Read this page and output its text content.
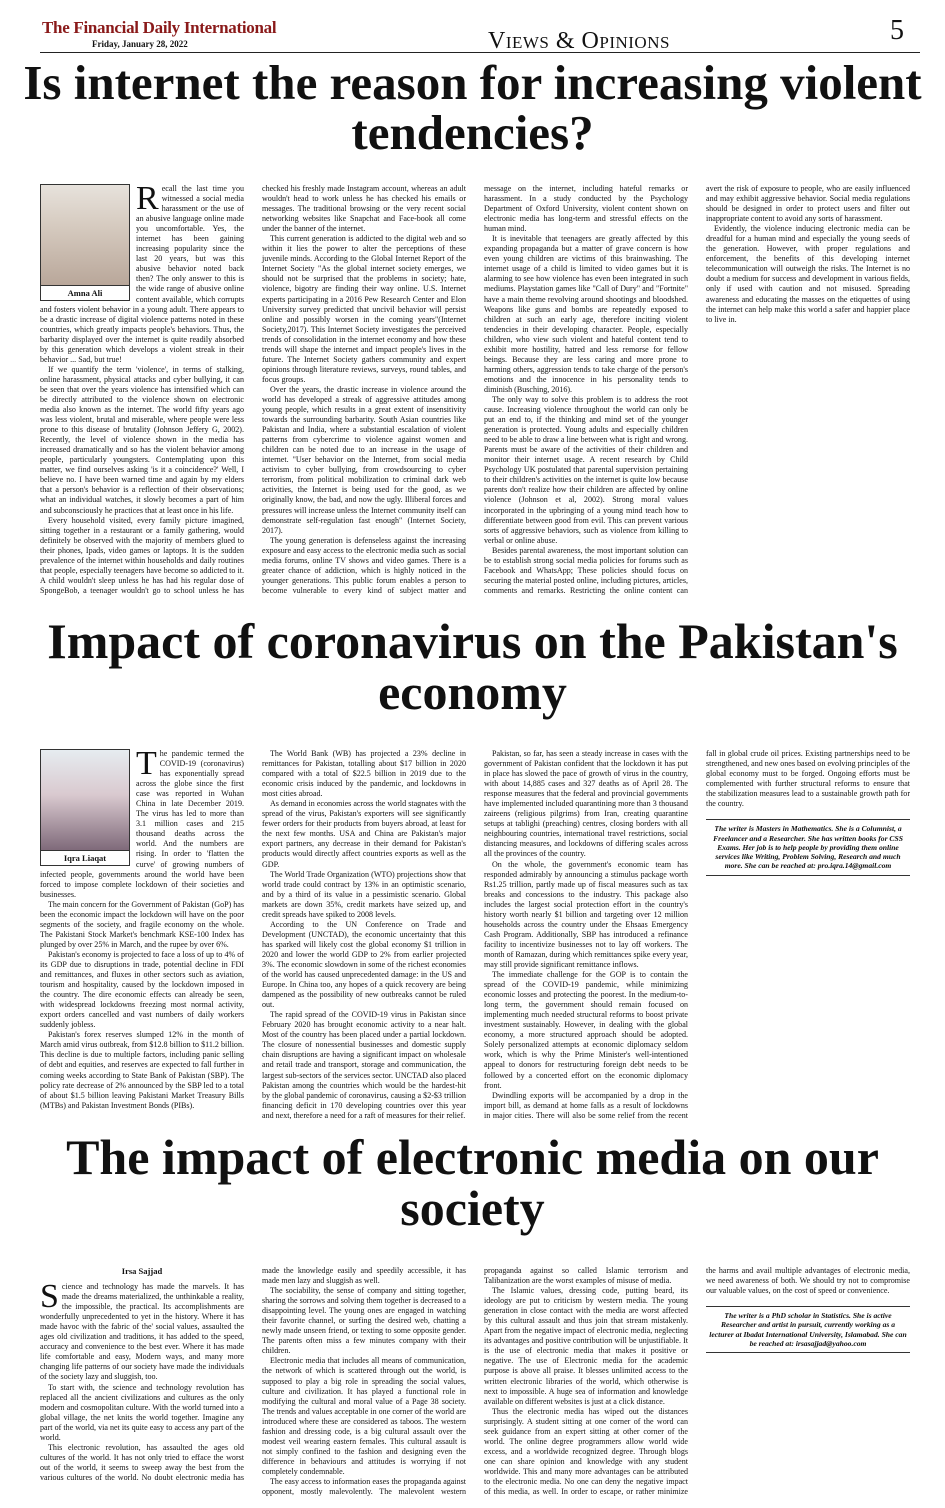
The Financial Daily International
Friday, January 28, 2022	Views & Opinions	5
Is internet the reason for increasing violent tendencies?
Amna Ali

Recall the last time you witnessed a social media harassment or the use of an abusive language online made you uncomfortable. Yes, the internet has been gaining increasing popularity since the last 20 years, but was this abusive behavior noted back then? The only answer to this is the wide range of abusive online content available, which corrupts and fosters violent behavior in a young adult. There appears to be a drastic increase of digital violence patterns noted in these countries, which greatly impacts people's behaviors. Thus, the barbarity displayed over the internet is quite readily absorbed by this generation which develops a violent streak in their behavior ... Sad, but true!

If we quantify the term 'violence', in terms of stalking, online harassment, physical attacks and cyber bullying, it can be seen that over the years violence has intensified which can be directly attributed to the violence shown on electronic media also known as the internet. The world fifty years ago was less violent, brutal and miserable, where people were less prone to this disease of brutality (Johnson Jeffery G, 2002). Recently, the level of violence shown in the media has increased dramatically and so has the violent behavior among people, particularly youngsters. Contemplating upon this matter, we find ourselves asking 'is it a coincidence?' Well, I believe no. I have been warned time and again by my elders that a person's behavior is a reflection of their observations; what an individual watches, it slowly becomes a part of him and subconsciously he practices that at least once in his life.

Every household visited, every family picture imagined, sitting together in a restaurant or a family gathering, would definitely be observed with the majority of members glued to their phones, Ipads, video games or laptops. It is the sudden prevalence of the internet within households and daily routines that people, especially teenagers have become so addicted to it. A child wouldn't sleep unless he has had his regular dose of SpongeBob, a teenager wouldn't go to school unless he has checked his freshly made Instagram account, whereas an adult wouldn't head to work unless he has checked his emails or messages. The traditional browsing or the very recent social networking websites like Snapchat and Face-book all come under the banner of the internet.

This current generation is addicted to the digital web and so within it lies the power to alter the perceptions of these juvenile minds. According to the Global Internet Report of the Internet Society "As the global internet society emerges, we should not be surprised that the problems in society; hate, violence, bigotry are finding their way online. U.S. Internet experts participating in a 2016 Pew Research Center and Elon University survey predicted that uncivil behavior will persist online and possibly worsen in the coming years"(Internet Society,2017). This Internet Society investigates the perceived trends of consolidation in the internet economy and how these trends will shape the internet and impact people's lives in the future. The Internet Society gathers community and expert opinions through literature reviews, surveys, round tables, and focus groups.

Over the years, the drastic increase in violence around the world has developed a streak of aggressive attitudes among young people, which results in a great extent of insensitivity towards the surrounding barbarity. South Asian countries like Pakistan and India, where a substantial escalation of violent patterns from cybercrime to violence against women and children can be noted due to an increase in the usage of internet. "User behavior on the Internet, from social media activism to cyber bullying, from crowdsourcing to cyber terrorism, from political mobilization to criminal dark web activities, the Internet is being used for the good, as we originally know, the bad, and now the ugly. Illiberal forces and pressures will increase unless the Internet community itself can demonstrate self-regulation fast enough" (Internet Society, 2017).

The young generation is defenseless against the increasing exposure and easy access to the electronic media such as social media forums, online TV shows and video games. There is a greater chance of addiction, which is highly noticed in the younger generations. This public forum enables a person to become vulnerable to every kind of subject matter and message on the internet, including hateful remarks or harassment. In a study conducted by the Psychology Department of Oxford University, violent content shown on electronic media has long-term and stressful effects on the human mind.

It is inevitable that teenagers are greatly affected by this expanding propaganda but a matter of grave concern is how even young children are victims of this brainwashing. The internet usage of a child is limited to video games but it is alarming to see how violence has even been integrated in such mediums. Playstation games like "Call of Dury" and "Fortnite" have a main theme revolving around shootings and bloodshed. Weapons like guns and bombs are repeatedly exposed to children at such an early age, therefore inciting violent tendencies in their developing character. People, especially children, who view such violent and hateful content tend to exhibit more hostility, hatred and less remorse for fellow beings. Because they are less caring and more prone to harming others, aggression tends to take charge of the person's emotions and the innocence in his personality tends to diminish (Busching, 2016).

The only way to solve this problem is to address the root cause. Increasing violence throughout the world can only be put an end to, if the thinking and mind set of the younger generation is protected. Young adults and especially children need to be able to draw a line between what is right and wrong. Parents must be aware of the activities of their children and monitor their internet usage. A recent research by Child Psychology UK postulated that parental supervision pertaining to their children's activities on the internet is quite low because parents don't realize how their children are affected by online violence (Johnson et al, 2002). Strong moral values incorporated in the upbringing of a young mind teach how to differentiate between good from evil. This can prevent various sorts of aggressive behaviors, such as violence from killing to verbal or online abuse.

Besides parental awareness, the most important solution can be to establish strong social media policies for forums such as Facebook and WhatsApp; These policies should focus on securing the material posted online, including pictures, articles, comments and remarks. Restricting the online content can avert the risk of exposure to people, who are easily influenced and may exhibit aggressive behavior. Social media regulations should be designed in order to protect users and filter out inappropriate content to avoid any sorts of harassment.

Evidently, the violence inducing electronic media can be dreadful for a human mind and especially the young seeds of the generation. However, with proper regulations and enforcement, the benefits of this developing internet telecommunication will outweigh the risks. The Internet is no doubt a medium for success and development in various fields, only if used with caution and not misused. Spreading awareness and educating the masses on the etiquettes of using the internet can help make this world a safer and happier place to live in.

Impact of coronavirus on the Pakistan's economy
Iqra Liaqat

The pandemic termed the COVID-19 (coronavirus) has exponentially spread across the globe since the first case was reported in Wuhan China in late December 2019. The virus has led to more than 3.1 million cases and 215 thousand deaths across the world. And the numbers are rising. In order to 'flatten the curve' of growing numbers of infected people, governments around the world have been forced to impose complete lockdown of their societies and businesses.

The main concern for the Government of Pakistan (GoP) has been the economic impact the lockdown will have on the poor segments of the society, and fragile economy on the whole. The Pakistani Stock Market's benchmark KSE-100 Index has plunged by over 25% in March, and the rupee by over 6%.

Pakistan's economy is projected to face a loss of up to 4% of its GDP due to disruptions in trade, potential decline in FDI and remittances, and fluxes in other sectors such as aviation, tourism and hospitality, caused by the lockdown imposed in the country. The dire economic effects can already be seen, with widespread lockdowns freezing most normal activity, export orders cancelled and vast numbers of daily workers suddenly jobless.

Pakistan's forex reserves slumped 12% in the month of March amid virus outbreak, from $12.8 billion to $11.2 billion. This decline is due to multiple factors, including panic selling of debt and equities, and reserves are expected to fall further in coming weeks according to State Bank of Pakistan (SBP). The policy rate decrease of 2% announced by the SBP led to a total of about $1.5 billion leaving Pakistani Market Treasury Bills (MTBs) and Pakistan Investment Bonds (PIBs).

The World Bank (WB) has projected a 23% decline in remittances for Pakistan, totalling about $17 billion in 2020 compared with a total of $22.5 billion in 2019 due to the economic crisis induced by the pandemic, and lockdowns in most cities abroad.

As demand in economies across the world stagnates with the spread of the virus, Pakistan's exporters will see significantly fewer orders for their products from buyers abroad, at least for the next few months. USA and China are Pakistan's major export partners, any decrease in their demand for Pakistan's products would directly affect countries exports as well as the GDP.

The World Trade Organization (WTO) projections show that world trade could contract by 13% in an optimistic scenario, and by a third of its value in a pessimistic scenario. Global markets are down 35%, credit markets have seized up, and credit spreads have spiked to 2008 levels.

According to the UN Conference on Trade and Development (UNCTAD), the economic uncertainty that this has sparked will likely cost the global economy $1 trillion in 2020 and lower the world GDP to 2% from earlier projected 3%. The economic slowdown in some of the richest economies of the world has caused unprecedented damage: in the US and Europe. In China too, any hopes of a quick recovery are being dampened as the possibility of new outbreaks cannot be ruled out.

The rapid spread of the COVID-19 virus in Pakistan since February 2020 has brought economic activity to a near halt. Most of the country has been placed under a partial lockdown. The closure of nonessential businesses and domestic supply chain disruptions are having a significant impact on wholesale and retail trade and transport, storage and communication, the largest sub-sectors of the services sector. UNCTAD also placed Pakistan among the countries which would be the hardest-hit by the global pandemic of coronavirus, causing a $2-$3 trillion financing deficit in 170 developing countries over this year and next, therefore a need for a raft of measures for their relief.

Pakistan, so far, has seen a steady increase in cases with the government of Pakistan confident that the lockdown it has put in place has slowed the pace of growth of virus in the country, with about 14,885 cases and 327 deaths as of April 28. The response measures that the federal and provincial governments have implemented included quarantining more than 3 thousand zaireens (religious pilgrims) from Iran, creating quarantine setups at tablighi (preaching) centres, closing borders with all neighbouring countries, international travel restrictions, social distancing measures, and lockdowns of differing scales across all the provinces of the country.

On the whole, the government's economic team has responded admirably by announcing a stimulus package worth Rs1.25 trillion, partly made up of fiscal measures such as tax breaks and concessions to the industry. This package also includes the largest social protection effort in the country's history worth nearly $1 billion and targeting over 12 million households across the country under the Ehsaas Emergency Cash Program. Additionally, SBP has introduced a refinance facility to incentivize businesses not to lay off workers. The month of Ramazan, during which remittances spike every year, may still provide significant remittance inflows.

The immediate challenge for the GOP is to contain the spread of the COVID-19 pandemic, while minimizing economic losses and protecting the poorest. In the medium-to-long term, the government should remain focused on implementing much needed structural reforms to boost private investment sustainably. However, in dealing with the global economy, a more structured approach should be adopted. Solely personalized attempts at economic diplomacy seldom work, which is why the Prime Minister's well-intentioned appeal to donors for restructuring foreign debt needs to be followed by a concerted effort on the economic diplomacy front.

Dwindling exports will be accompanied by a drop in the import bill, as demand at home falls as a result of lockdowns in major cities. There will also be some relief from the recent fall in global crude oil prices. Existing partnerships need to be strengthened, and new ones based on evolving principles of the global economy must to be forged. Ongoing efforts must be complemented with further structural reforms to ensure that the stabilization measures lead to a sustainable growth path for the country.

The writer is Masters in Mathematics. She is a Columnist, a Freelancer and a Researcher. She has written books for CSS Exams. Her job is to help people by providing them online services like Writing, Problem Solving, Research and much more. She can be reached at: pro.iqra.14@gmail.com
The impact of electronic media on our society
Irsa Sajjad

Science and technology has made the marvels. It has made the dreams materialized, the unthinkable a reality, the impossible, the practical. Its accomplishments are wonderfully unprecedented to yet in the history. Where it has made havoc with the fabric of the' social values, assaulted the ages old civilization and traditions, it has added to the speed, accuracy and convenience to the best ever. Where it has made life comfortable and easy, Modern ways, and many more changing life patterns of our society have made the individuals of the society lazy and sluggish, too.

To start with, the science and technology revolution has replaced all the ancient civilizations and cultures as the only modern and cosmopolitan culture. With the world turned into a global village, the net knits the world together. Imagine any part of the world, via net its quite easy to access any part of the world.

This electronic revolution, has assaulted the ages old cultures of the world. It has not only tried to efface the worst out of the world, it seems to sweep away the best from the various cultures of the world. No doubt electronic media has made the knowledge easily and speedily accessible, it has made men lazy and sluggish as well.

The sociability, the sense of company and sitting together, sharing the sorrows and solving them together is decreased to a disappointing level. The young ones are engaged in watching their favorite channel, or surfing the desired web, chatting a newly made unseen friend, or texting to some opposite gender. The parents often miss a few minutes company with their children.

Electronic media that includes all means of communication, the network of which is scattered through out the world, is supposed to play a big role in spreading the social values, culture and civilization. It has played a functional role in modifying the cultural and moral value of a Page 38 society. The trends and values acceptable in one corner of the world are introduced where these are considered as taboos. The western fashion and dressing code, is a big cultural assault over the modest veil wearing eastern females. This cultural assault is not simply confined to the fashion and designing even the difference in behaviours and attitudes is worrying if not completely condemnable.

The easy access to information eases the propaganda against opponent, mostly malevolently. The malevolent western propaganda against so called Islamic terrorism and Talibanization are the worst examples of misuse of media.

The Islamic values, dressing code, putting beard, its ideology are put to criticism by western media. The young generation in close contact with the media are worst affected by this cultural assault and thus join that stream mistakenly. Apart from the negative impact of electronic media, neglecting its advantages and positive contribution will be unjustifiable. It is the use of electronic media that makes it positive or negative. The use of Electronic media for the academic purpose is above all praise. It blesses unlimited access to the written electronic libraries of the world, which otherwise is next to impossible. A huge sea of information and knowledge available on different websites is just at a click distance.

Thus the electronic media has wiped out the distances surprisingly. A student sitting at one corner of the word can seek guidance from an expert sitting at other corner of the world. The online degree programmers allow world wide excess, and a worldwide recognized degree. Through blogs one can share opinion and knowledge with any student worldwide. This and many more advantages can be attributed to the electronic media. No one can deny the negative impact of this media, as well. In order to escape, or rather minimize the harms and avail multiple advantages of electronic media, we need awareness of both. We should try not to compromise our valuable values, on the cost of speed or convenience.

The writer is a PhD scholar in Statistics. She is active Researcher and artist in pursuit, currently working as a lecturer at Ibadat International University, Islamabad. She can be reached at: irsasajjad@yahoo.com
